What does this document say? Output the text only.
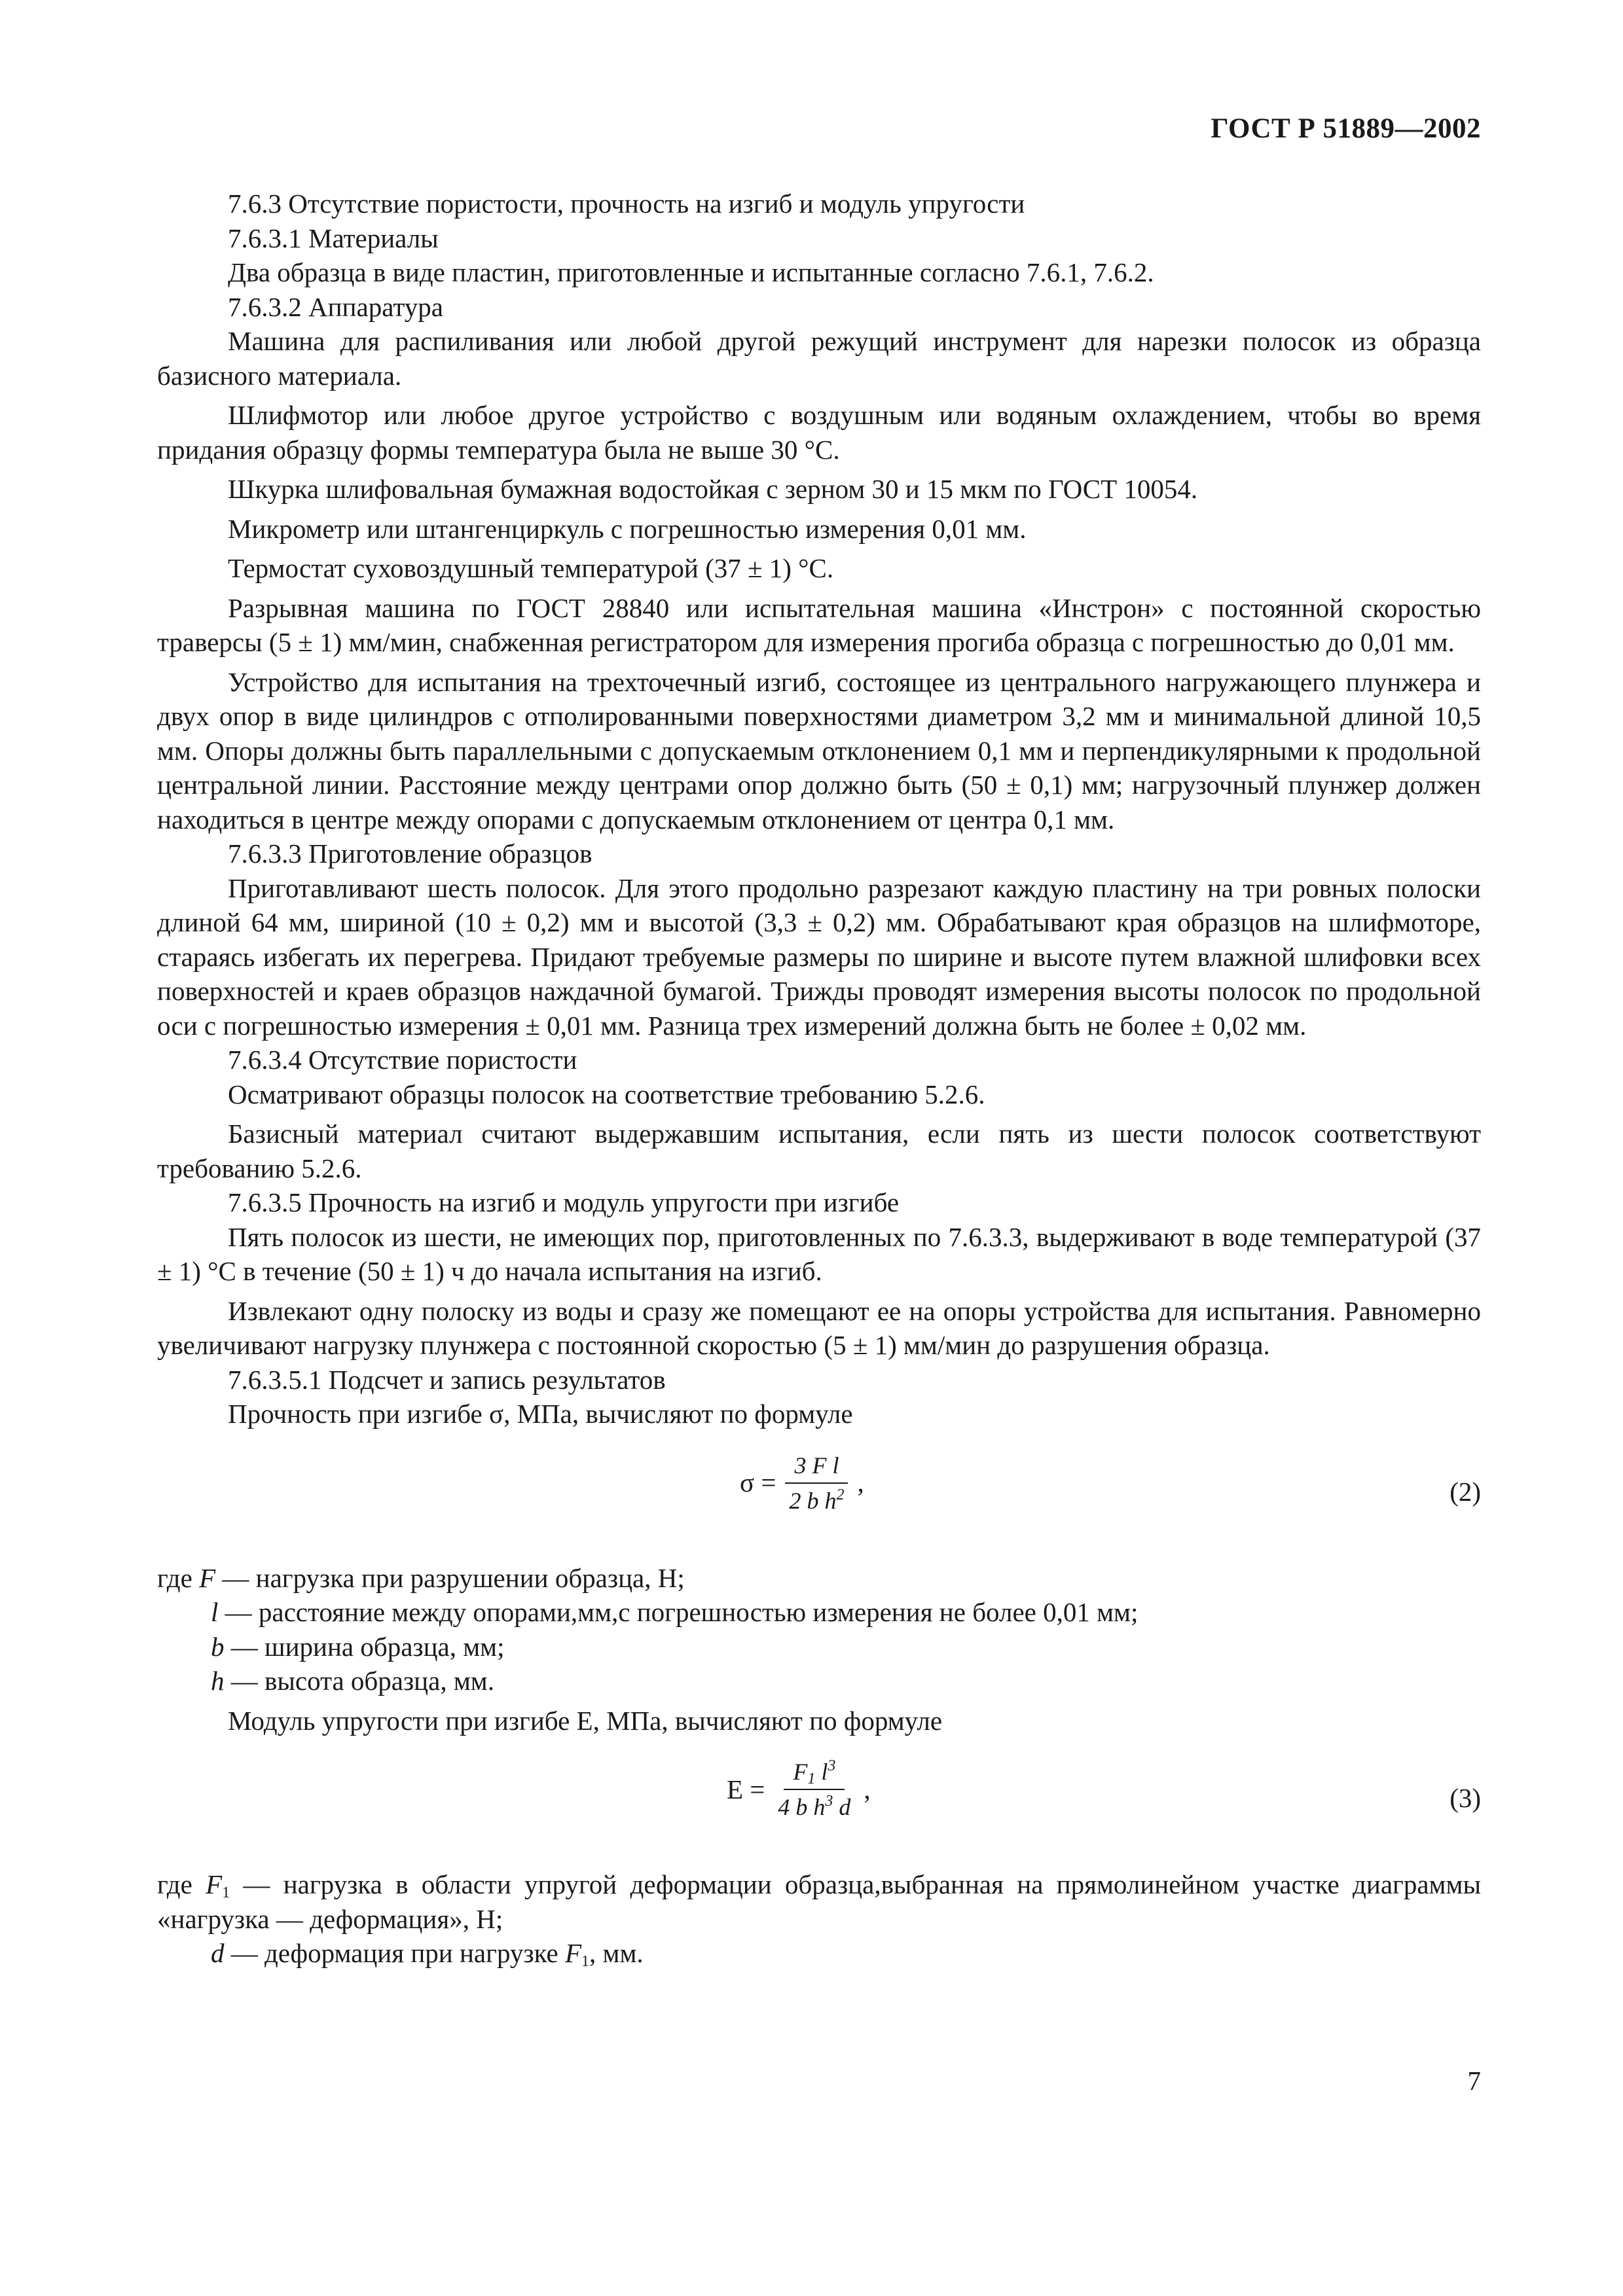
ГОСТ Р 51889—2002

7.6.3 Отсутствие пористости, прочность на изгиб и модуль упругости

7.6.3.1 Материалы

Два образца в виде пластин, приготовленные и испытанные согласно 7.6.1, 7.6.2.

7.6.3.2 Аппаратура

Машина для распиливания или любой другой режущий инструмент для нарезки полосок из образца базисного материала.

Шлифмотор или любое другое устройство с воздушным или водяным охлаждением, чтобы во время придания образцу формы температура была не выше 30 °С.

Шкурка шлифовальная бумажная водостойкая с зерном 30 и 15 мкм по ГОСТ 10054.

Микрометр или штангенциркуль с погрешностью измерения 0,01 мм.

Термостат суховоздушный температурой (37 ± 1) °С.

Разрывная машина по ГОСТ 28840 или испытательная машина «Инстрон» с постоянной скоростью траверсы (5 ± 1) мм/мин, снабженная регистратором для измерения прогиба образца с погрешностью до 0,01 мм.

Устройство для испытания на трехточечный изгиб, состоящее из центрального нагружающего плунжера и двух опор в виде цилиндров с отполированными поверхностями диаметром 3,2 мм и минимальной длиной 10,5 мм. Опоры должны быть параллельными с допускаемым отклонением 0,1 мм и перпендикулярными к продольной центральной линии. Расстояние между центрами опор должно быть (50 ± 0,1) мм; нагрузочный плунжер должен находиться в центре между опорами с допускаемым отклонением от центра 0,1 мм.

7.6.3.3 Приготовление образцов

Приготавливают шесть полосок. Для этого продольно разрезают каждую пластину на три ровных полоски длиной 64 мм, шириной (10 ± 0,2) мм и высотой (3,3 ± 0,2) мм. Обрабатывают края образцов на шлифмоторе, стараясь избегать их перегрева. Придают требуемые размеры по ширине и высоте путем влажной шлифовки всех поверхностей и краев образцов наждачной бумагой. Трижды проводят измерения высоты полосок по продольной оси с погрешностью измерения ± 0,01 мм. Разница трех измерений должна быть не более ± 0,02 мм.

7.6.3.4 Отсутствие пористости

Осматривают образцы полосок на соответствие требованию 5.2.6.

Базисный материал считают выдержавшим испытания, если пять из шести полосок соответствуют требованию 5.2.6.

7.6.3.5 Прочность на изгиб и модуль упругости при изгибе

Пять полосок из шести, не имеющих пор, приготовленных по 7.6.3.3, выдерживают в воде температурой (37 ± 1) °С в течение (50 ± 1) ч до начала испытания на изгиб.

Извлекают одну полоску из воды и сразу же помещают ее на опоры устройства для испытания. Равномерно увеличивают нагрузку плунжера с постоянной скоростью (5 ± 1) мм/мин до разрушения образца.

7.6.3.5.1 Подсчет и запись результатов

Прочность при изгибе σ, МПа, вычисляют по формуле

$\sigma = \frac{\text{3 F l}}{2 b h^2}$ ,	(2)

где F — нагрузка при разрушении образца, Н;

l — расстояние между опорами,мм,с погрешностью измерения не более 0,01 мм;

b — ширина образца, мм;

h — высота образца, мм.

Модуль упругости при изгибе E, МПа, вычисляют по формуле

$E = \frac{F_1 l^3}{4 b h^3 d}$ ,	(3)

где $F_1$ — нагрузка в области упругой деформации образца,выбранная на прямолинейном участке диаграммы «нагрузка — деформация», Н;

d — деформация при нагрузке $F_1$, мм.

7
